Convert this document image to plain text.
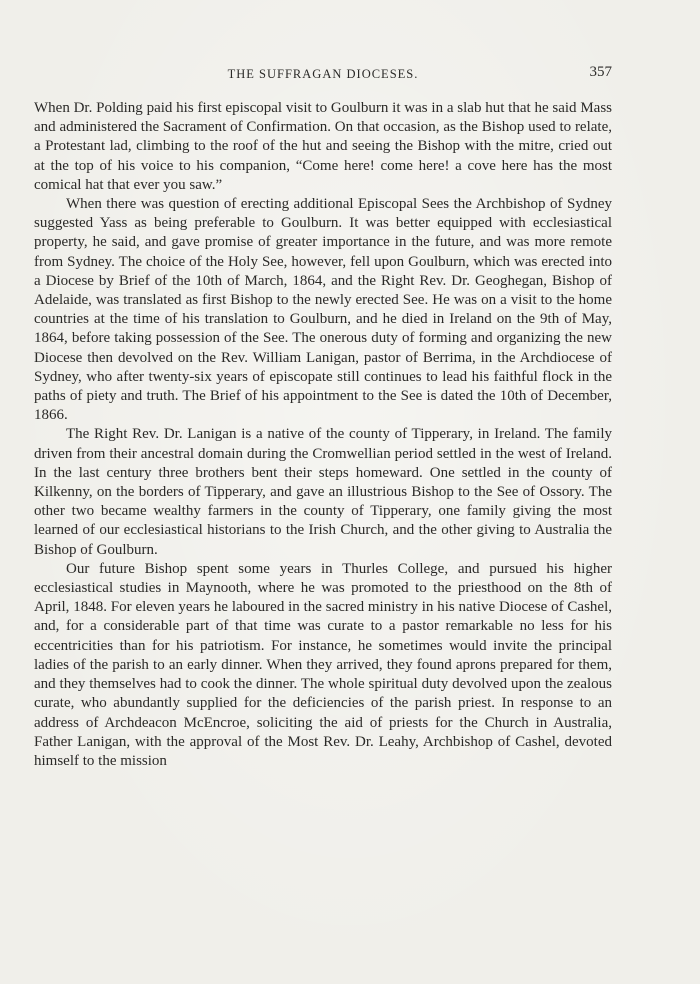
THE SUFFRAGAN DIOCESES.	357

When Dr. Polding paid his first episcopal visit to Goulburn it was in a slab hut that he said Mass and administered the Sacrament of Confirmation. On that occasion, as the Bishop used to relate, a Protestant lad, climbing to the roof of the hut and seeing the Bishop with the mitre, cried out at the top of his voice to his companion, “Come here! come here! a cove here has the most comical hat that ever you saw.”

When there was question of erecting additional Episcopal Sees the Archbishop of Sydney suggested Yass as being preferable to Goulburn. It was better equipped with ecclesiastical property, he said, and gave promise of greater importance in the future, and was more remote from Sydney. The choice of the Holy See, however, fell upon Goulburn, which was erected into a Diocese by Brief of the 10th of March, 1864, and the Right Rev. Dr. Geoghegan, Bishop of Adelaide, was translated as first Bishop to the newly erected See. He was on a visit to the home countries at the time of his translation to Goulburn, and he died in Ireland on the 9th of May, 1864, before taking possession of the See. The onerous duty of forming and organizing the new Diocese then devolved on the Rev. William Lanigan, pastor of Berrima, in the Archdiocese of Sydney, who after twenty-six years of episcopate still continues to lead his faithful flock in the paths of piety and truth. The Brief of his appointment to the See is dated the 10th of December, 1866.

The Right Rev. Dr. Lanigan is a native of the county of Tipperary, in Ireland. The family driven from their ancestral domain during the Cromwellian period settled in the west of Ireland. In the last century three brothers bent their steps homeward. One settled in the county of Kilkenny, on the borders of Tipperary, and gave an illustrious Bishop to the See of Ossory. The other two became wealthy farmers in the county of Tipperary, one family giving the most learned of our ecclesiastical historians to the Irish Church, and the other giving to Australia the Bishop of Goulburn.

Our future Bishop spent some years in Thurles College, and pursued his higher ecclesiastical studies in Maynooth, where he was promoted to the priesthood on the 8th of April, 1848. For eleven years he laboured in the sacred ministry in his native Diocese of Cashel, and, for a considerable part of that time was curate to a pastor remarkable no less for his eccentricities than for his patriotism. For instance, he sometimes would invite the principal ladies of the parish to an early dinner. When they arrived, they found aprons prepared for them, and they themselves had to cook the dinner. The whole spiritual duty devolved upon the zealous curate, who abundantly supplied for the deficiencies of the parish priest. In response to an address of Archdeacon McEncroe, soliciting the aid of priests for the Church in Australia, Father Lanigan, with the approval of the Most Rev. Dr. Leahy, Archbishop of Cashel, devoted himself to the mission
